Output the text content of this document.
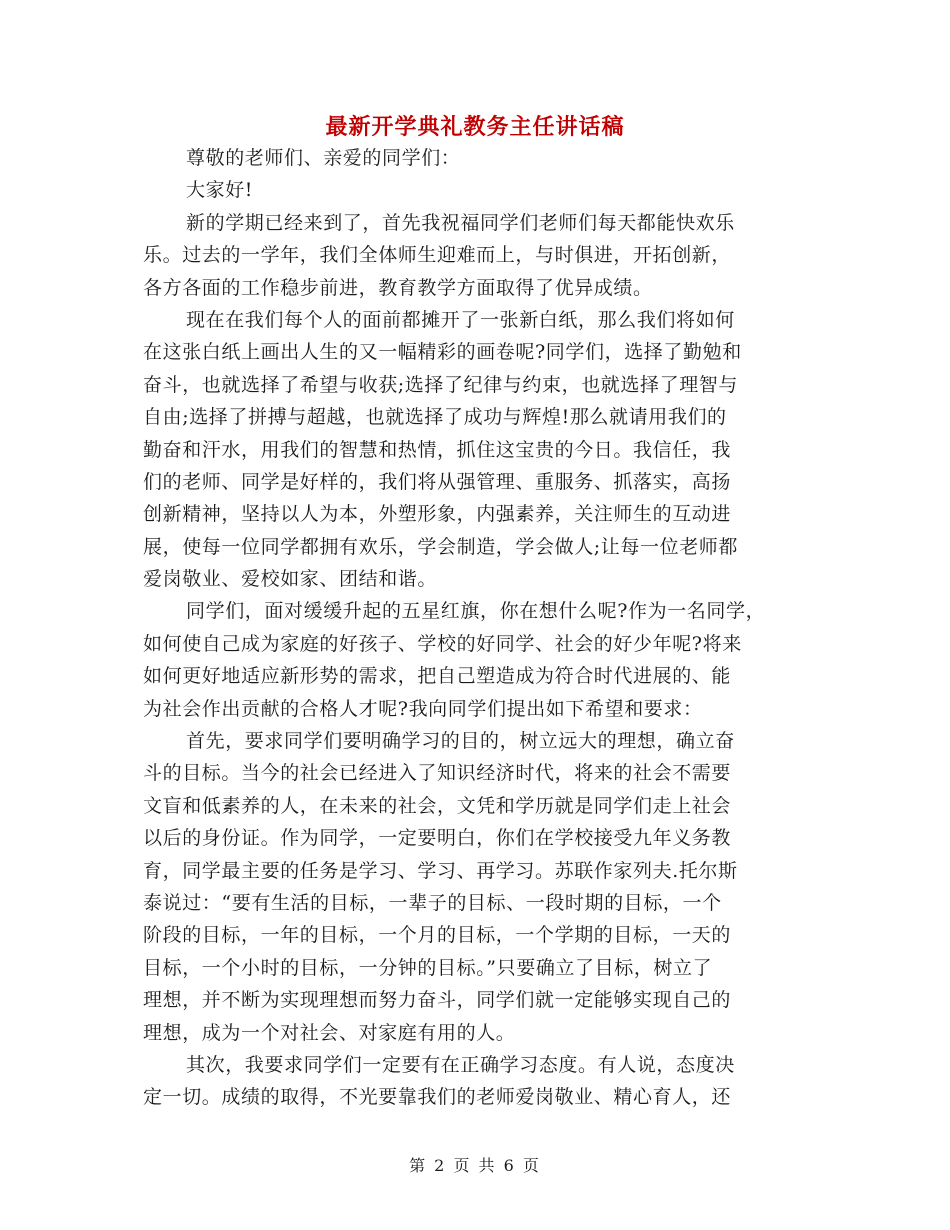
最新开学典礼教务主任讲话稿
尊敬的老师们、亲爱的同学们：
大家好!
新的学期已经来到了，首先我祝福同学们老师们每天都能快欢乐
乐。过去的一学年，我们全体师生迎难而上，与时俱进，开拓创新，
各方各面的工作稳步前进，教育教学方面取得了优异成绩。
现在在我们每个人的面前都摊开了一张新白纸，那么我们将如何
在这张白纸上画出人生的又一幅精彩的画卷呢?同学们，选择了勤勉和
奋斗，也就选择了希望与收获;选择了纪律与约束，也就选择了理智与
自由;选择了拼搏与超越，也就选择了成功与辉煌!那么就请用我们的
勤奋和汗水，用我们的智慧和热情，抓住这宝贵的今日。我信任，我
们的老师、同学是好样的，我们将从强管理、重服务、抓落实，高扬
创新精神，坚持以人为本，外塑形象，内强素养，关注师生的互动进
展，使每一位同学都拥有欢乐，学会制造，学会做人;让每一位老师都
爱岗敬业、爱校如家、团结和谐。
同学们，面对缓缓升起的五星红旗，你在想什么呢?作为一名同学，
如何使自己成为家庭的好孩子、学校的好同学、社会的好少年呢?将来
如何更好地适应新形势的需求，把自己塑造成为符合时代进展的、能
为社会作出贡献的合格人才呢?我向同学们提出如下希望和要求：
首先，要求同学们要明确学习的目的，树立远大的理想，确立奋
斗的目标。当今的社会已经进入了知识经济时代，将来的社会不需要
文盲和低素养的人，在未来的社会，文凭和学历就是同学们走上社会
以后的身份证。作为同学，一定要明白，你们在学校接受九年义务教
育，同学最主要的任务是学习、学习、再学习。苏联作家列夫.托尔斯
泰说过：“要有生活的目标，一辈子的目标、一段时期的目标，一个
阶段的目标，一年的目标，一个月的目标，一个学期的目标，一天的
目标，一个小时的目标，一分钟的目标。”只要确立了目标，树立了
理想，并不断为实现理想而努力奋斗，同学们就一定能够实现自己的
理想，成为一个对社会、对家庭有用的人。
其次，我要求同学们一定要有在正确学习态度。有人说，态度决
定一切。成绩的取得，不光要靠我们的老师爱岗敬业、精心育人，还
第 2 页 共 6 页
